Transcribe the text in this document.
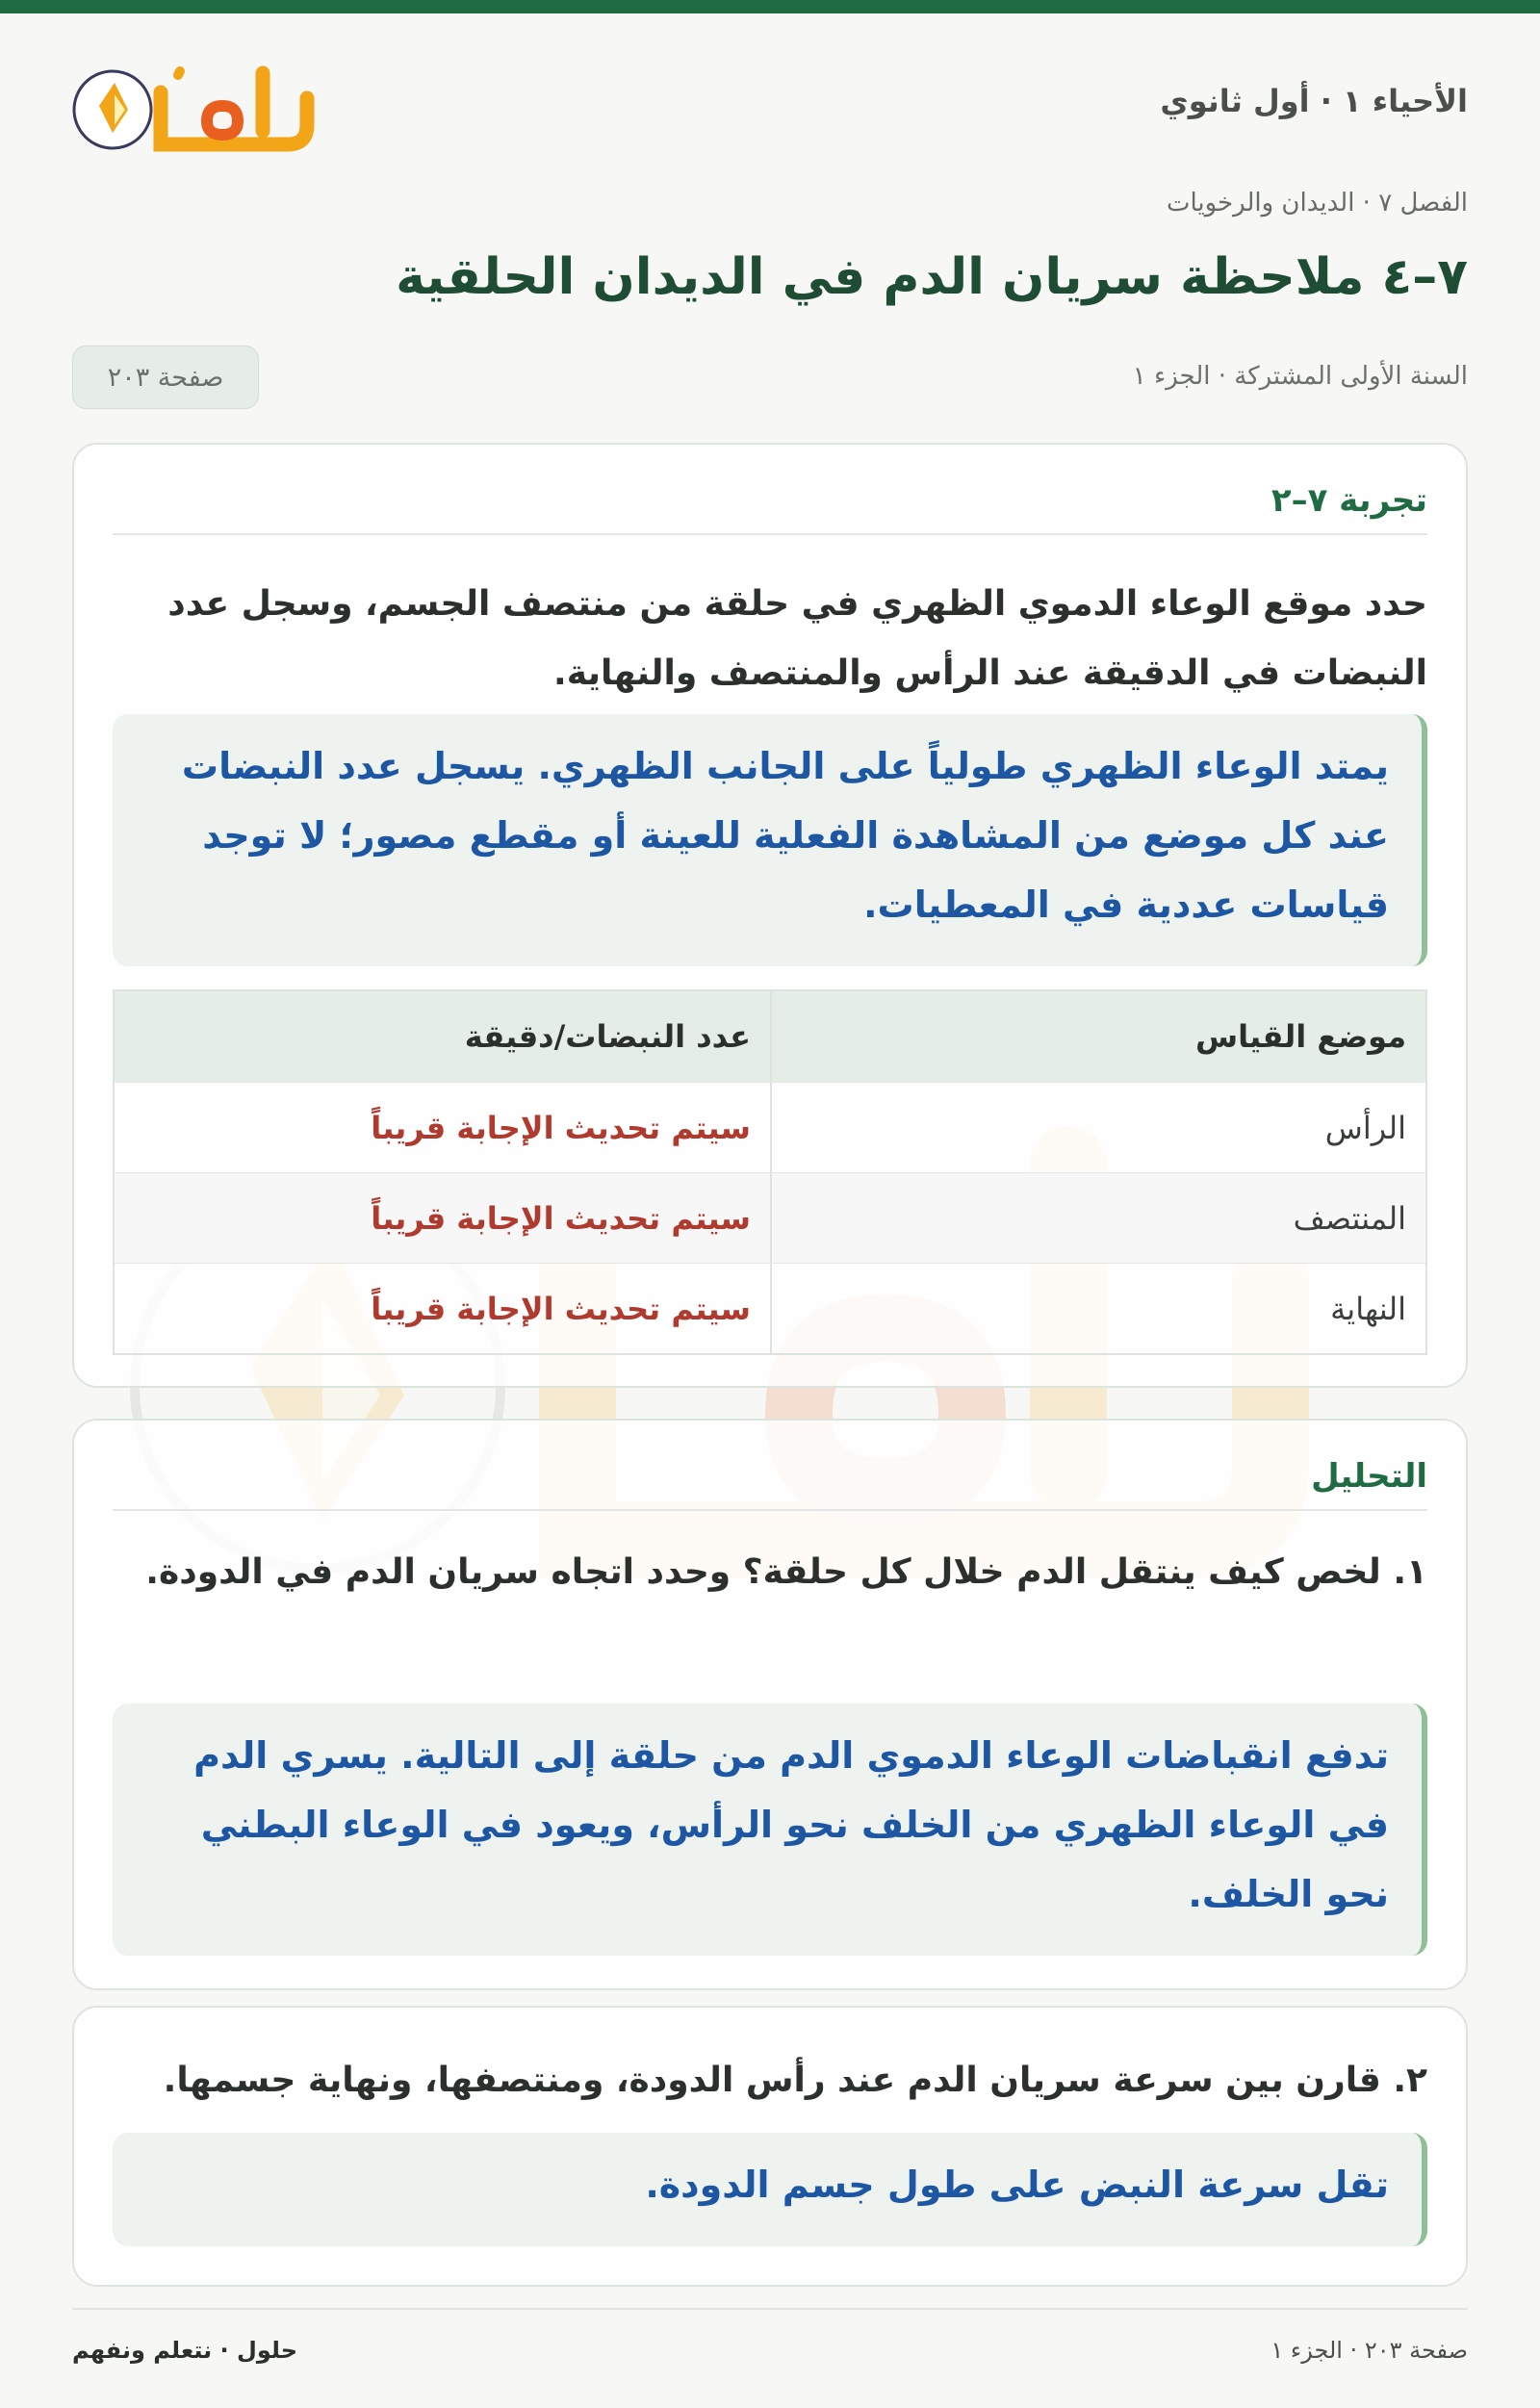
الأحياء ١ · أول ثانوي
الفصل ٧ · الديدان والرخويات
٧–٤ ملاحظة سريان الدم في الديدان الحلقية
السنة الأولى المشتركة · الجزء ١
صفحة ٢٠٣
تجربة ٧–٢

حدد موقع الوعاء الدموي الظهري في حلقة من منتصف الجسم، وسجل عدد النبضات في الدقيقة عند الرأس والمنتصف والنهاية.

يمتد الوعاء الظهري طولياً على الجانب الظهري. يسجل عدد النبضات عند كل موضع من المشاهدة الفعلية للعينة أو مقطع مصور؛ لا توجد قياسات عددية في المعطيات.
موضع القياس
عدد النبضات/دقيقة
الرأس
سيتم تحديث الإجابة قريباً
المنتصف
سيتم تحديث الإجابة قريباً
النهاية
سيتم تحديث الإجابة قريباً
التحليل

١. لخص كيف ينتقل الدم خلال كل حلقة؟ وحدد اتجاه سريان الدم في الدودة.

تدفع انقباضات الوعاء الدموي الدم من حلقة إلى التالية. يسري الدم في الوعاء الظهري من الخلف نحو الرأس، ويعود في الوعاء البطني نحو الخلف.

٢. قارن بين سرعة سريان الدم عند رأس الدودة، ومنتصفها، ونهاية جسمها.

تقل سرعة النبض على طول جسم الدودة.
صفحة ٢٠٣ · الجزء ١
حلول · نتعلم ونفهم
